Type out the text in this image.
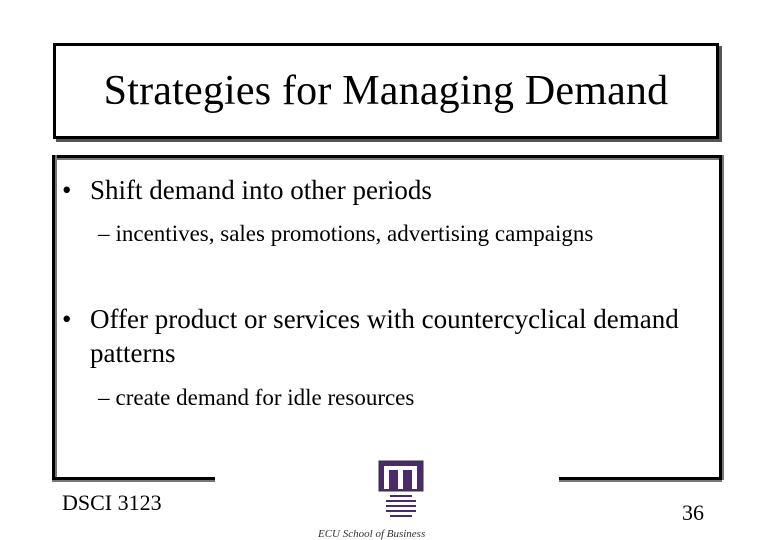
Strategies for Managing Demand
• Shift demand into other periods
– incentives, sales promotions, advertising campaigns
• Offer product or services with countercyclical demand patterns
– create demand for idle resources
DSCI 3123	36
ECU School of Business
